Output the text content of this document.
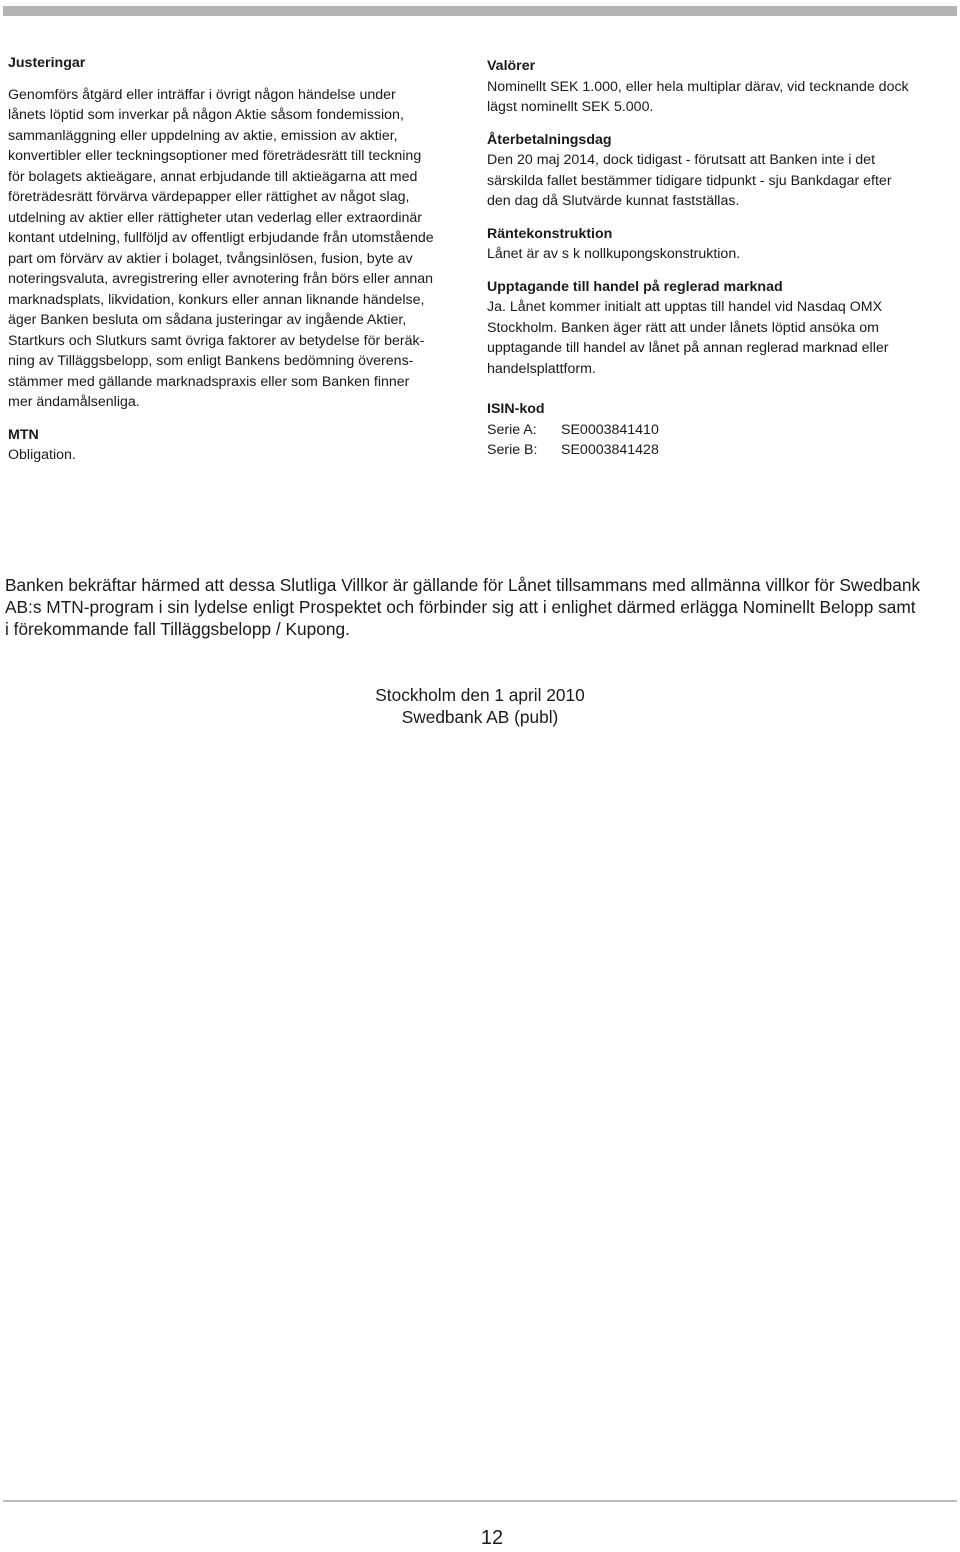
Justeringar

Genomförs åtgärd eller inträffar i övrigt någon händelse under
lånets löptid som inverkar på någon Aktie såsom fondemission,
sammanläggning eller uppdelning av aktie, emission av aktier,
konvertibler eller teckningsoptioner med företrädesrätt till teckning
för bolagets aktieägare, annat erbjudande till aktieägarna att med
företrädesrätt förvärva värdepapper eller rättighet av något slag,
utdelning av aktier eller rättigheter utan vederlag eller extraordinär
kontant utdelning, fullföljd av offentligt erbjudande från utomstående
part om förvärv av aktier i bolaget, tvångsinlösen, fusion, byte av
noteringsvaluta, avregistrering eller avnotering från börs eller annan
marknadsplats, likvidation, konkurs eller annan liknande händelse,
äger Banken besluta om sådana justeringar av ingående Aktier,
Startkurs och Slutkurs samt övriga faktorer av betydelse för beräk-
ning av Tilläggsbelopp, som enligt Bankens bedömning överens-
stämmer med gällande marknadspraxis eller som Banken finner
mer ändamålsenliga.

MTN

Obligation.

Valörer

Nominellt SEK 1.000, eller hela multiplar därav, vid tecknande dock
lägst nominellt SEK 5.000.

Återbetalningsdag

Den 20 maj 2014, dock tidigast - förutsatt att Banken inte i det
särskilda fallet bestämmer tidigare tidpunkt - sju Bankdagar efter
den dag då Slutvärde kunnat fastställas.

Räntekonstruktion

Lånet är av s k nollkupongskonstruktion.

Upptagande till handel på reglerad marknad

Ja. Lånet kommer initialt att upptas till handel vid Nasdaq OMX
Stockholm. Banken äger rätt att under lånets löptid ansöka om
upptagande till handel av lånet på annan reglerad marknad eller
handelsplattform.

ISIN-kod

Serie A:	SE0003841410
Serie B:	SE0003841428
Banken bekräftar härmed att dessa Slutliga Villkor är gällande för Lånet tillsammans med allmänna villkor för Swedbank
AB:s MTN-program i sin lydelse enligt Prospektet och förbinder sig att i enlighet därmed erlägga Nominellt Belopp samt
i förekommande fall Tilläggsbelopp / Kupong.
Stockholm den 1 april 2010
Swedbank AB (publ)
12
